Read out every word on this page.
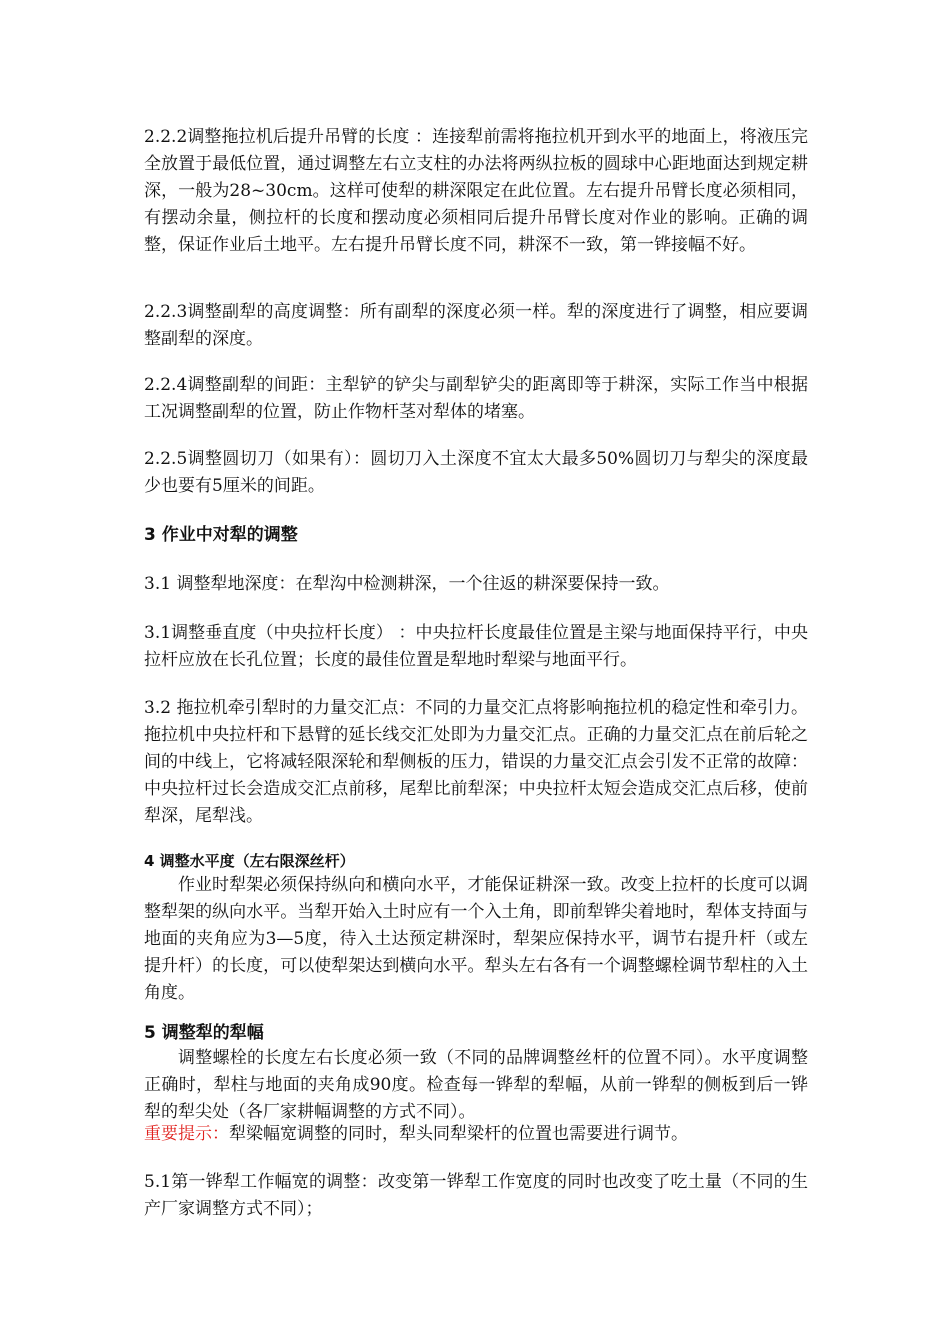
2.2.2调整拖拉机后提升吊臂的长度 ：连接犁前需将拖拉机开到水平的地面上，将液压完全放置于最低位置，通过调整左右立支柱的办法将两纵拉板的圆球中心距地面达到规定耕深，一般为28~30cm。这样可使犁的耕深限定在此位置。左右提升吊臂长度必须相同，有摆动余量，侧拉杆的长度和摆动度必须相同后提升吊臂长度对作业的影响。正确的调整，保证作业后土地平。左右提升吊臂长度不同，耕深不一致，第一铧接幅不好。

2.2.3调整副犁的高度调整：所有副犁的深度必须一样。犁的深度进行了调整，相应要调整副犁的深度。

2.2.4调整副犁的间距：主犁铲的铲尖与副犁铲尖的距离即等于耕深，实际工作当中根据工况调整副犁的位置，防止作物杆茎对犁体的堵塞。

2.2.5调整圆切刀（如果有）：圆切刀入土深度不宜太大最多50%圆切刀与犁尖的深度最少也要有5厘米的间距。

3 作业中对犁的调整

3.1 调整犁地深度：在犁沟中检测耕深，一个往返的耕深要保持一致。

3.1调整垂直度（中央拉杆长度） ：中央拉杆长度最佳位置是主梁与地面保持平行，中央拉杆应放在长孔位置；长度的最佳位置是犁地时犁梁与地面平行。

3.2 拖拉机牵引犁时的力量交汇点：不同的力量交汇点将影响拖拉机的稳定性和牵引力。拖拉机中央拉杆和下悬臂的延长线交汇处即为力量交汇点。正确的力量交汇点在前后轮之间的中线上，它将减轻限深轮和犁侧板的压力，错误的力量交汇点会引发不正常的故障：中央拉杆过长会造成交汇点前移，尾犁比前犁深；中央拉杆太短会造成交汇点后移，使前犁深，尾犁浅。

4 调整水平度（左右限深丝杆）

作业时犁架必须保持纵向和横向水平，才能保证耕深一致。改变上拉杆的长度可以调整犁架的纵向水平。当犁开始入土时应有一个入土角，即前犁铧尖着地时，犁体支持面与地面的夹角应为3—5度，待入土达预定耕深时，犁架应保持水平，调节右提升杆（或左提升杆）的长度，可以使犁架达到横向水平。犁头左右各有一个调整螺栓调节犁柱的入土角度。

5 调整犁的犁幅

调整螺栓的长度左右长度必须一致（不同的品牌调整丝杆的位置不同）。水平度调整正确时，犁柱与地面的夹角成90度。检查每一铧犁的犁幅，从前一铧犁的侧板到后一铧犁的犁尖处（各厂家耕幅调整的方式不同）。

重要提示：犁梁幅宽调整的同时，犁头同犁梁杆的位置也需要进行调节。

5.1第一铧犁工作幅宽的调整：改变第一铧犁工作宽度的同时也改变了吃土量（不同的生产厂家调整方式不同）；
